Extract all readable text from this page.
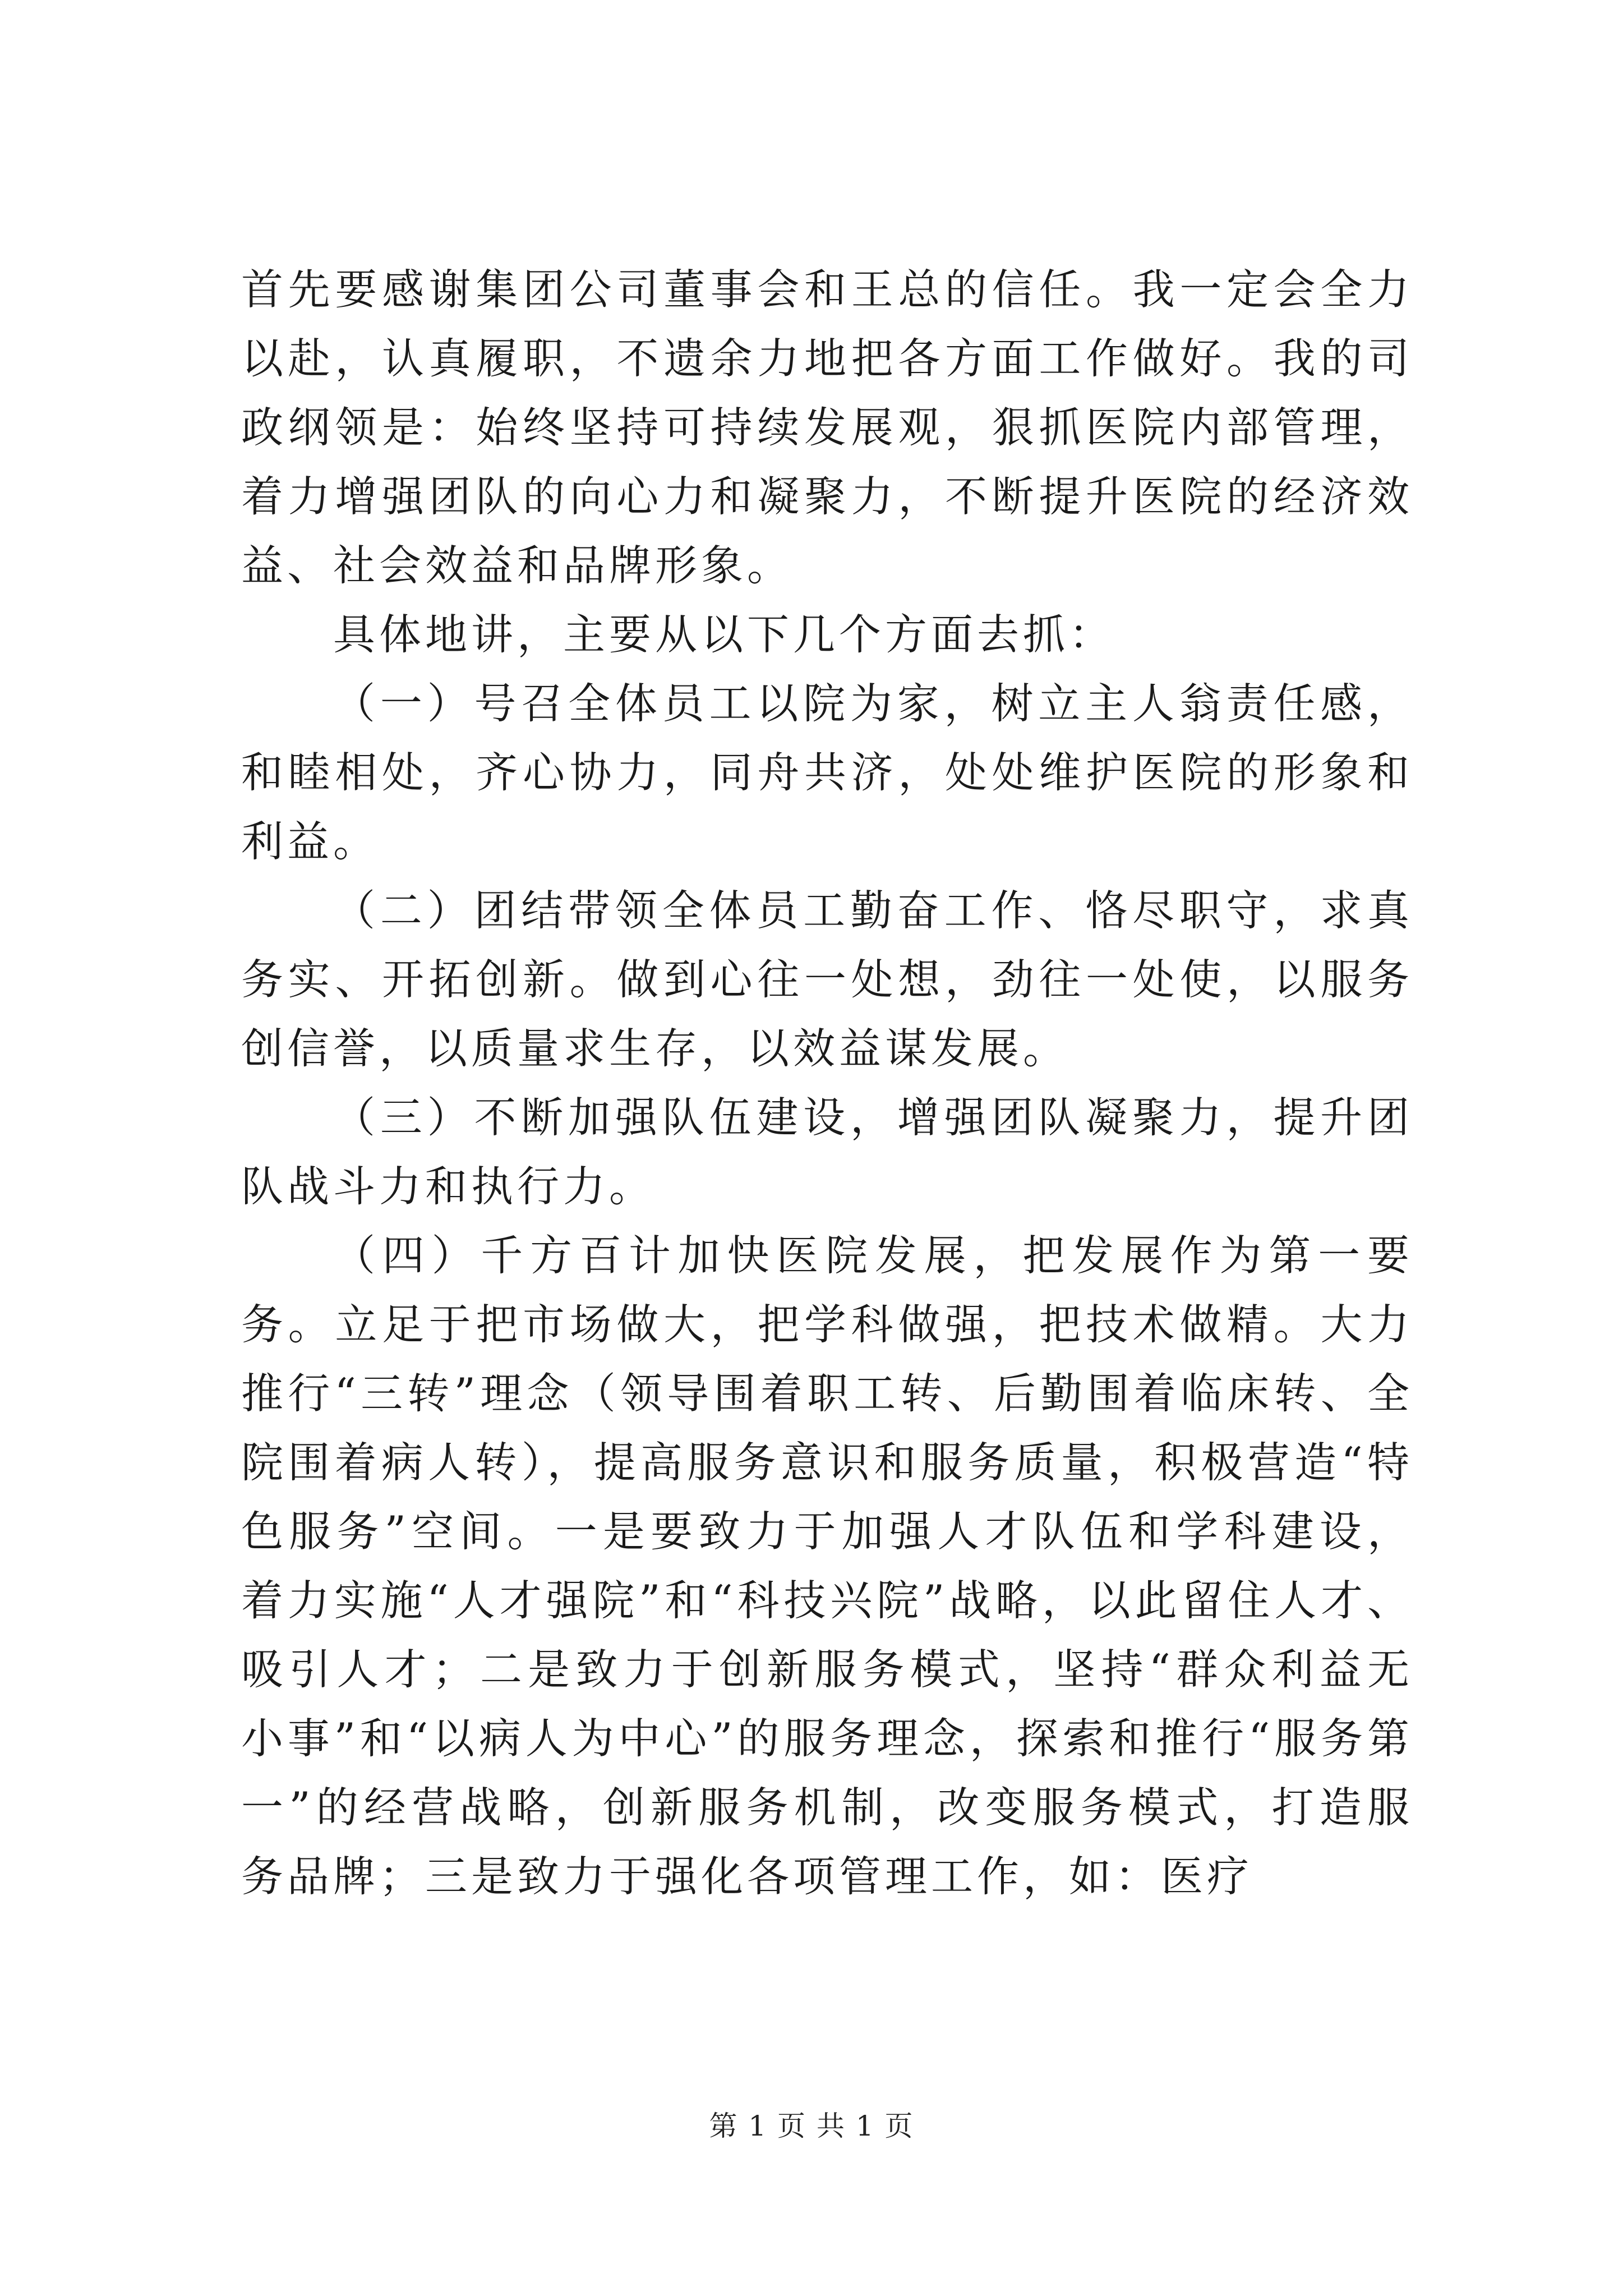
首先要感谢集团公司董事会和王总的信任。我一定会全力以赴，认真履职，不遗余力地把各方面工作做好。我的司政纲领是：始终坚持可持续发展观，狠抓医院内部管理，着力增强团队的向心力和凝聚力，不断提升医院的经济效益、社会效益和品牌形象。

具体地讲，主要从以下几个方面去抓：

（一）号召全体员工以院为家，树立主人翁责任感，和睦相处，齐心协力，同舟共济，处处维护医院的形象和利益。

（二）团结带领全体员工勤奋工作、恪尽职守，求真务实、开拓创新。做到心往一处想，劲往一处使，以服务创信誉，以质量求生存，以效益谋发展。

（三）不断加强队伍建设，增强团队凝聚力，提升团队战斗力和执行力。

（四）千方百计加快医院发展，把发展作为第一要务。立足于把市场做大，把学科做强，把技术做精。大力推行“三转”理念（领导围着职工转、后勤围着临床转、全院围着病人转），提高服务意识和服务质量，积极营造“特色服务”空间。一是要致力于加强人才队伍和学科建设，着力实施“人才强院”和“科技兴院”战略，以此留住人才、吸引人才；二是致力于创新服务模式，坚持“群众利益无小事”和“以病人为中心”的服务理念，探索和推行“服务第一”的经营战略，创新服务机制，改变服务模式，打造服务品牌；三是致力于强化各项管理工作，如：医疗

第 1 页 共 1 页
